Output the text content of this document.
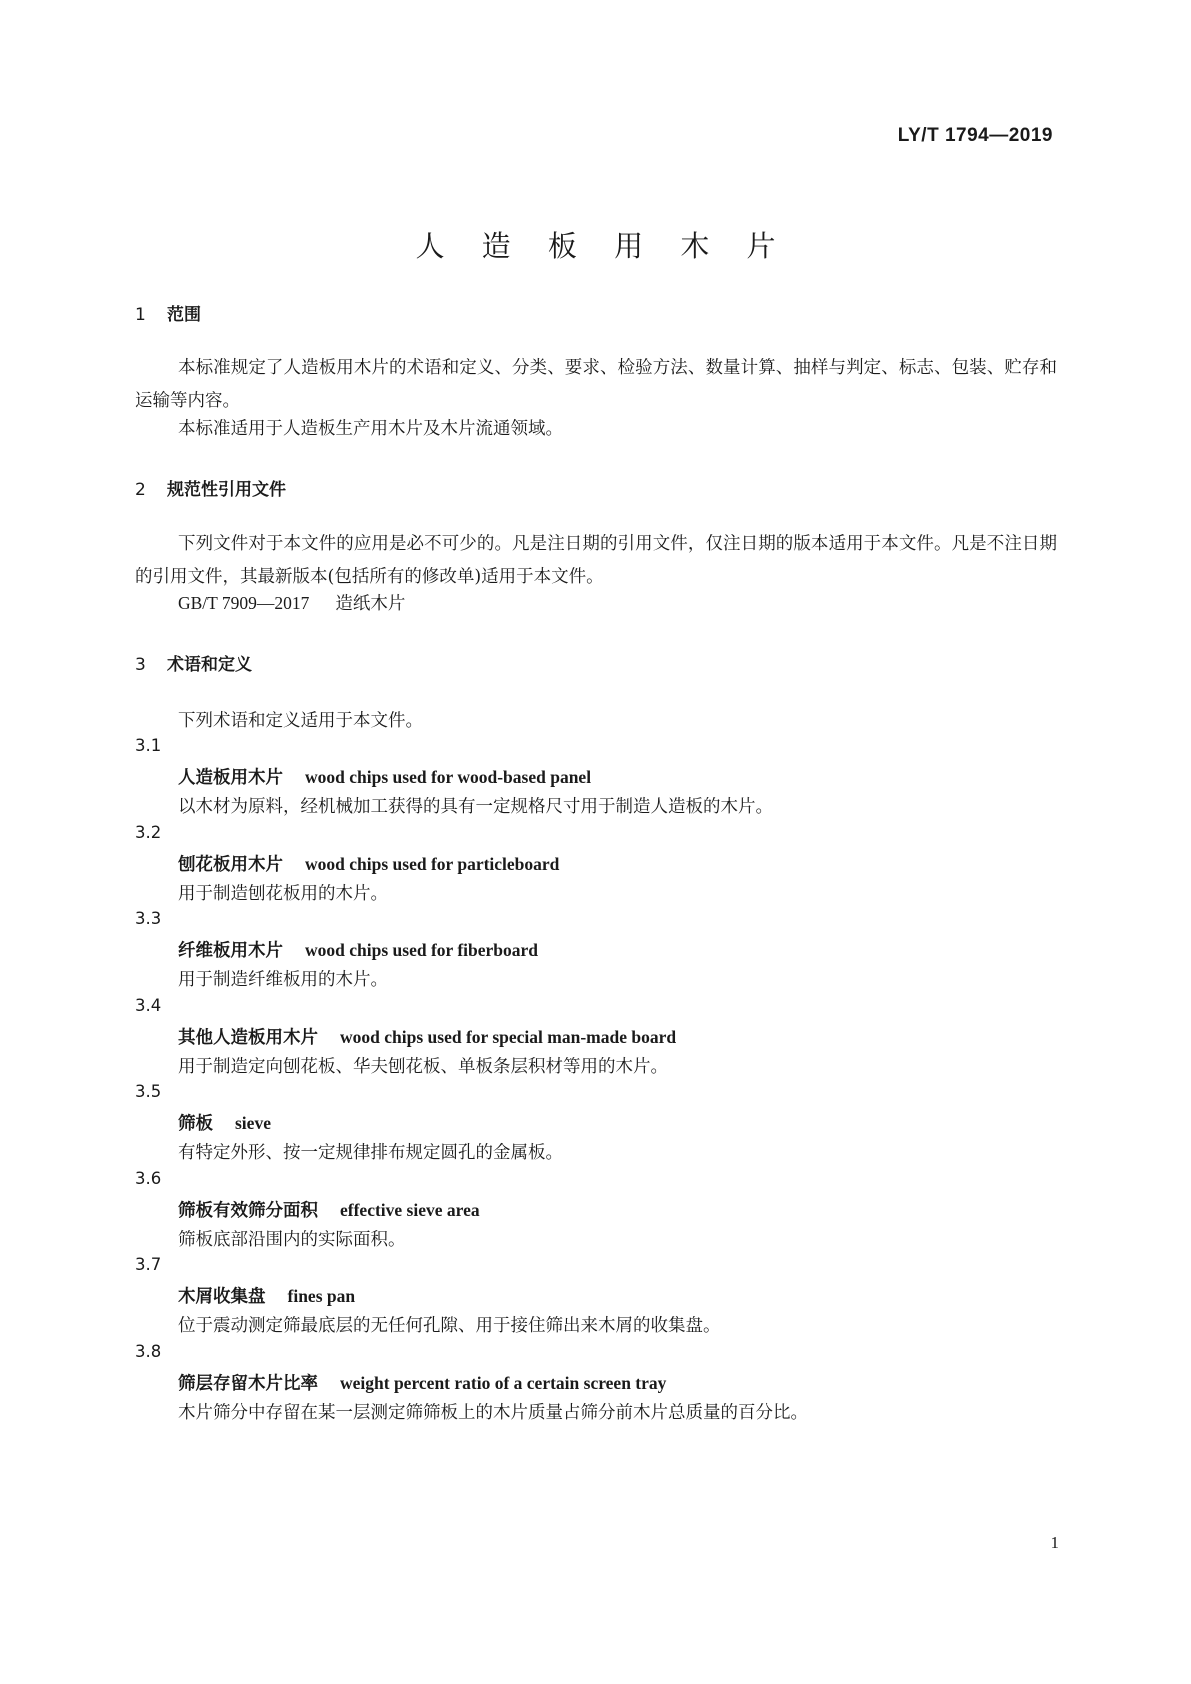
LY/T 1794—2019
人 造 板 用 木 片
1 范围
本标准规定了人造板用木片的术语和定义、分类、要求、检验方法、数量计算、抽样与判定、标志、包装、贮存和运输等内容。
本标准适用于人造板生产用木片及木片流通领域。
2 规范性引用文件
下列文件对于本文件的应用是必不可少的。凡是注日期的引用文件，仅注日期的版本适用于本文件。凡是不注日期的引用文件，其最新版本(包括所有的修改单)适用于本文件。
GB/T 7909—2017 造纸木片
3 术语和定义
下列术语和定义适用于本文件。
3.1
人造板用木片 wood chips used for wood-based panel
以木材为原料，经机械加工获得的具有一定规格尺寸用于制造人造板的木片。
3.2
刨花板用木片 wood chips used for particleboard
用于制造刨花板用的木片。
3.3
纤维板用木片 wood chips used for fiberboard
用于制造纤维板用的木片。
3.4
其他人造板用木片 wood chips used for special man-made board
用于制造定向刨花板、华夫刨花板、单板条层积材等用的木片。
3.5
筛板 sieve
有特定外形、按一定规律排布规定圆孔的金属板。
3.6
筛板有效筛分面积 effective sieve area
筛板底部沿围内的实际面积。
3.7
木屑收集盘 fines pan
位于震动测定筛最底层的无任何孔隙、用于接住筛出来木屑的收集盘。
3.8
筛层存留木片比率 weight percent ratio of a certain screen tray
木片筛分中存留在某一层测定筛筛板上的木片质量占筛分前木片总质量的百分比。
1
